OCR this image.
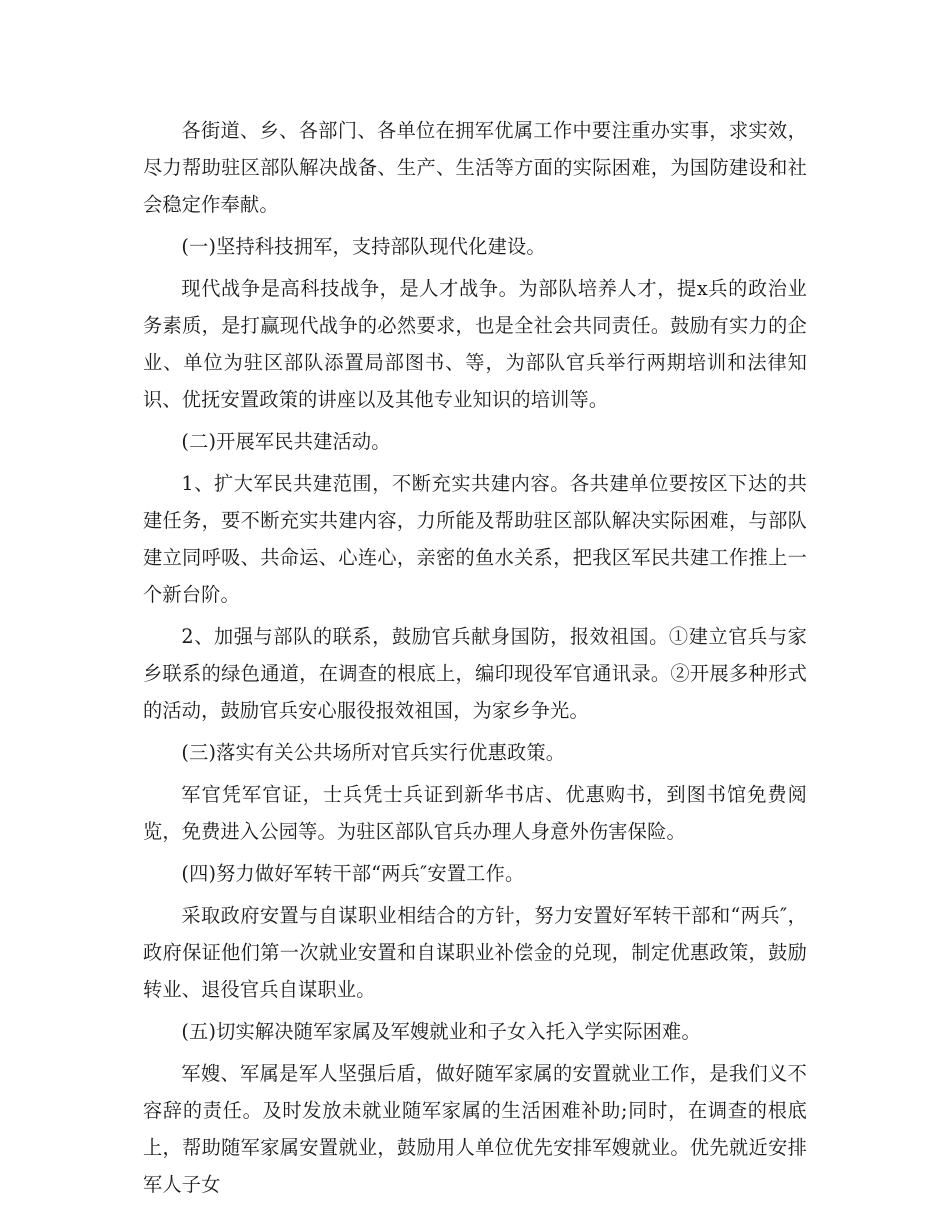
各街道、乡、各部门、各单位在拥军优属工作中要注重办实事，求实效，尽力帮助驻区部队解决战备、生产、生活等方面的实际困难，为国防建设和社会稳定作奉献。

(一)坚持科技拥军，支持部队现代化建设。

现代战争是高科技战争，是人才战争。为部队培养人才，提x兵的政治业务素质，是打赢现代战争的必然要求，也是全社会共同责任。鼓励有实力的企业、单位为驻区部队添置局部图书、等，为部队官兵举行两期培训和法律知识、优抚安置政策的讲座以及其他专业知识的培训等。

(二)开展军民共建活动。

1、扩大军民共建范围，不断充实共建内容。各共建单位要按区下达的共建任务，要不断充实共建内容，力所能及帮助驻区部队解决实际困难，与部队建立同呼吸、共命运、心连心，亲密的鱼水关系，把我区军民共建工作推上一个新台阶。

2、加强与部队的联系，鼓励官兵献身国防，报效祖国。①建立官兵与家乡联系的绿色通道，在调查的根底上，编印现役军官通讯录。②开展多种形式的活动，鼓励官兵安心服役报效祖国，为家乡争光。

(三)落实有关公共场所对官兵实行优惠政策。

军官凭军官证，士兵凭士兵证到新华书店、优惠购书，到图书馆免费阅览，免费进入公园等。为驻区部队官兵办理人身意外伤害保险。

(四)努力做好军转干部“两兵″安置工作。

采取政府安置与自谋职业相结合的方针，努力安置好军转干部和“两兵″，政府保证他们第一次就业安置和自谋职业补偿金的兑现，制定优惠政策，鼓励转业、退役官兵自谋职业。

(五)切实解决随军家属及军嫂就业和子女入托入学实际困难。

军嫂、军属是军人坚强后盾，做好随军家属的安置就业工作，是我们义不容辞的责任。及时发放未就业随军家属的生活困难补助;同时，在调查的根底上，帮助随军家属安置就业，鼓励用人单位优先安排军嫂就业。优先就近安排军人子女
